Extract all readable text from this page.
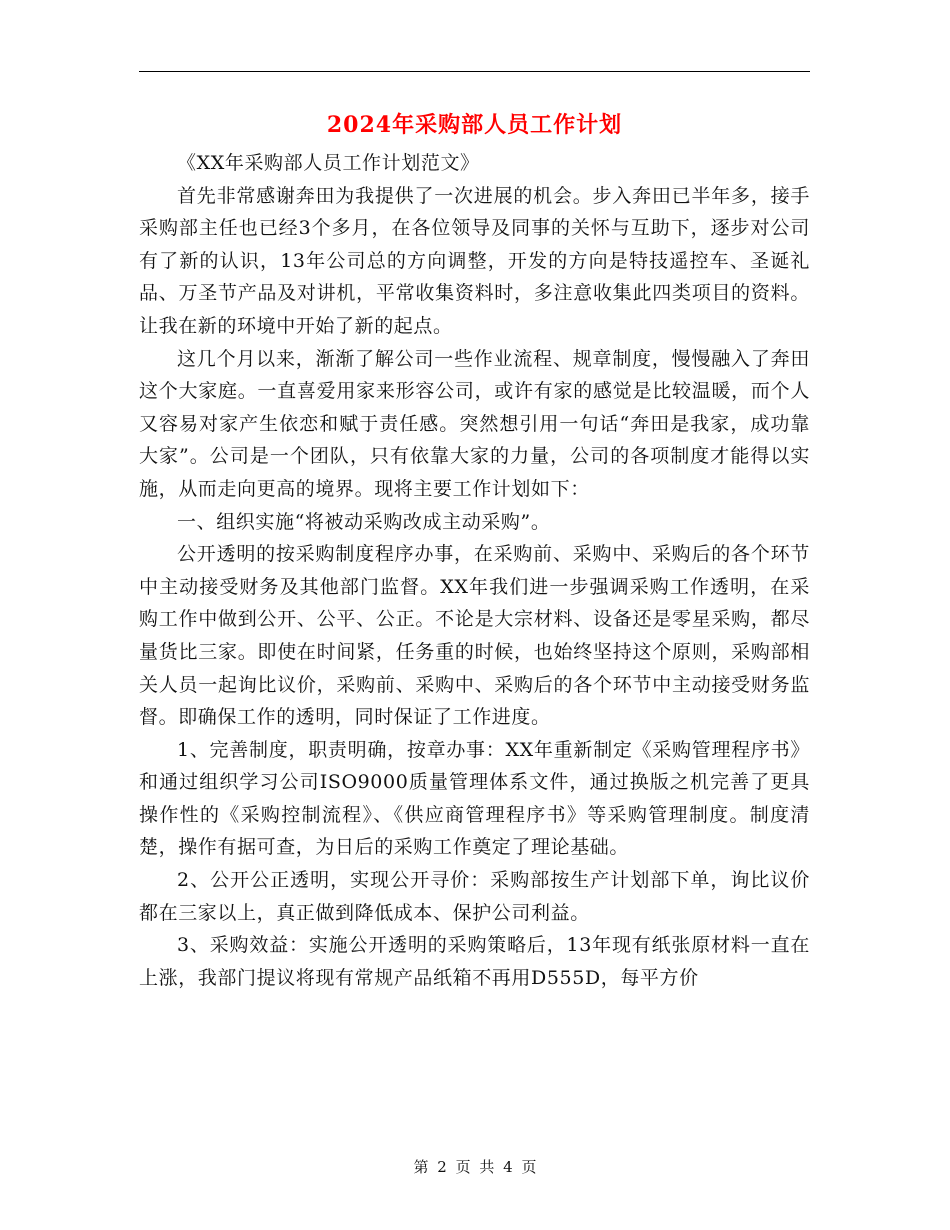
2024年采购部人员工作计划

《XX年采购部人员工作计划范文》

首先非常感谢奔田为我提供了一次进展的机会。步入奔田已半年多，接手采购部主任也已经3个多月，在各位领导及同事的关怀与互助下，逐步对公司有了新的认识，13年公司总的方向调整，开发的方向是特技遥控车、圣诞礼品、万圣节产品及对讲机，平常收集资料时，多注意收集此四类项目的资料。让我在新的环境中开始了新的起点。

这几个月以来，渐渐了解公司一些作业流程、规章制度，慢慢融入了奔田这个大家庭。一直喜爱用家来形容公司，或许有家的感觉是比较温暖，而个人又容易对家产生依恋和赋于责任感。突然想引用一句话“奔田是我家，成功靠大家”。公司是一个团队，只有依靠大家的力量，公司的各项制度才能得以实施，从而走向更高的境界。现将主要工作计划如下：

一、组织实施“将被动采购改成主动采购”。

公开透明的按采购制度程序办事，在采购前、采购中、采购后的各个环节中主动接受财务及其他部门监督。XX年我们进一步强调采购工作透明，在采购工作中做到公开、公平、公正。不论是大宗材料、设备还是零星采购，都尽量货比三家。即使在时间紧，任务重的时候，也始终坚持这个原则，采购部相关人员一起询比议价，采购前、采购中、采购后的各个环节中主动接受财务监督。即确保工作的透明，同时保证了工作进度。

1、完善制度，职责明确，按章办事：XX年重新制定《采购管理程序书》和通过组织学习公司ISO9000质量管理体系文件，通过换版之机完善了更具操作性的《采购控制流程》、《供应商管理程序书》等采购管理制度。制度清楚，操作有据可查，为日后的采购工作奠定了理论基础。

2、公开公正透明，实现公开寻价：采购部按生产计划部下单，询比议价都在三家以上，真正做到降低成本、保护公司利益。

3、采购效益：实施公开透明的采购策略后，13年现有纸张原材料一直在上涨，我部门提议将现有常规产品纸箱不再用D555D，每平方价

第 2 页 共 4 页
